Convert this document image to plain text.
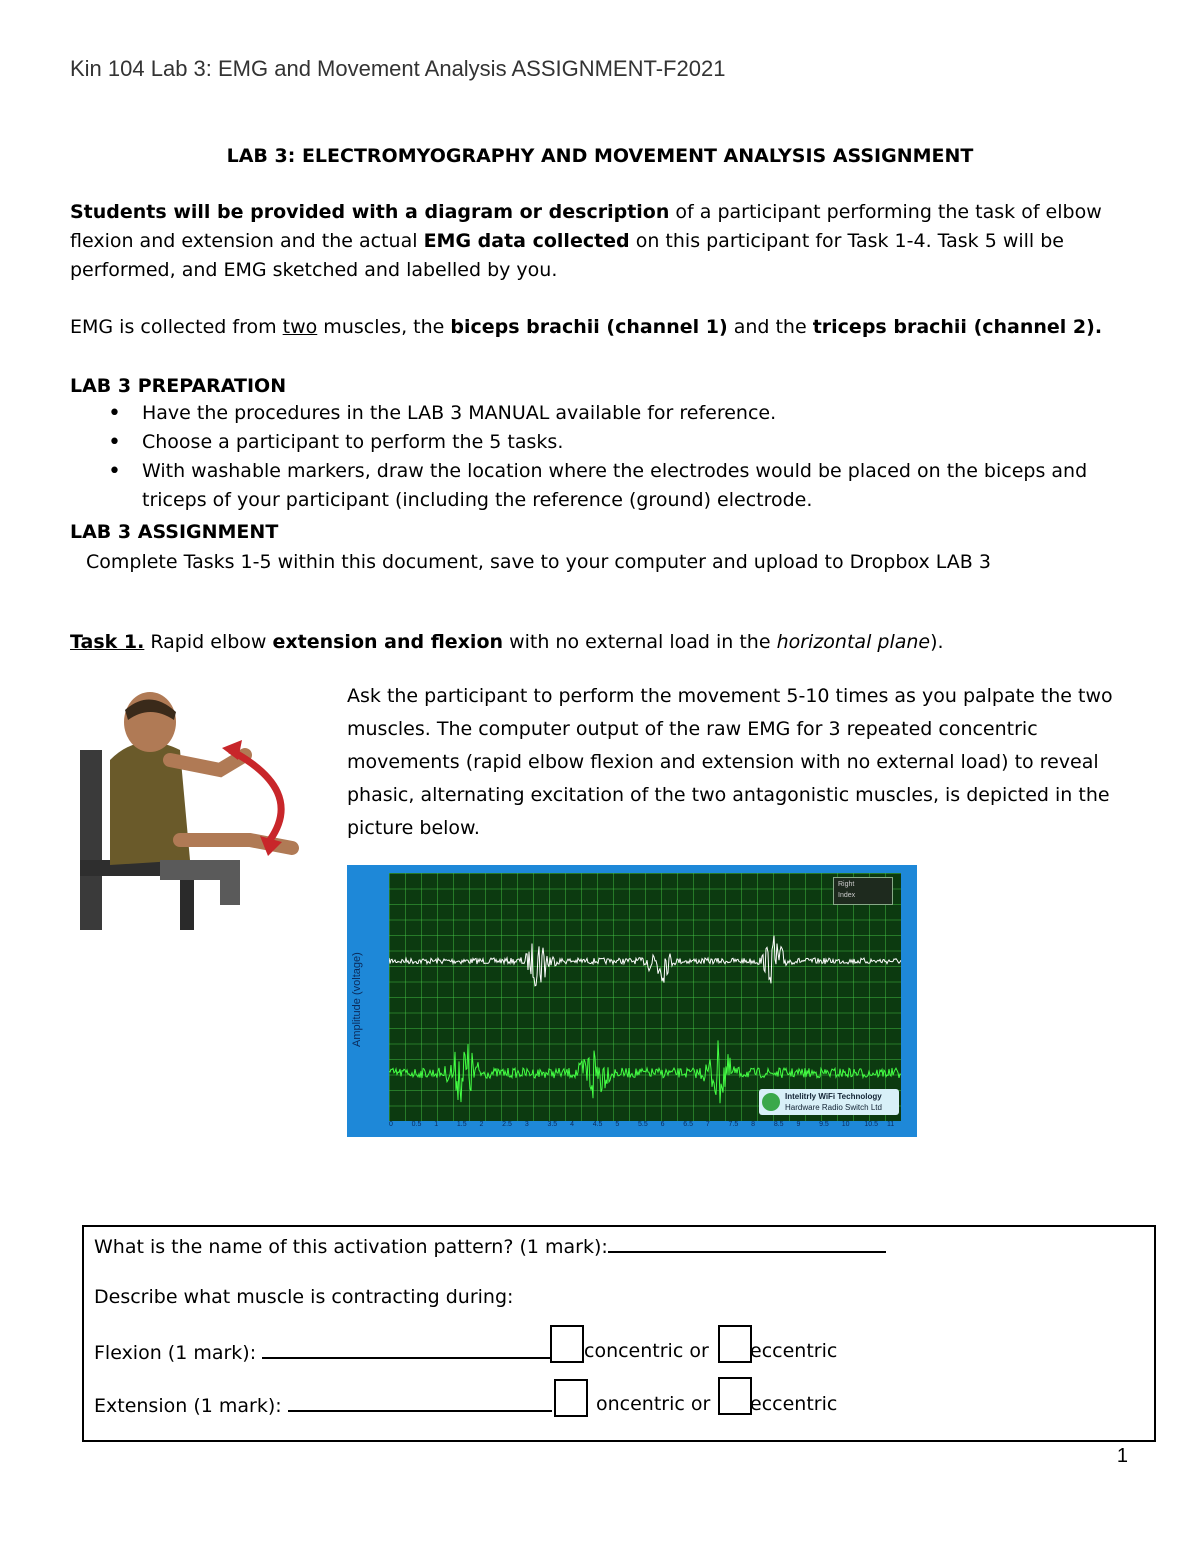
Kin 104 Lab 3: EMG and Movement Analysis ASSIGNMENT-F2021
LAB 3: ELECTROMYOGRAPHY AND MOVEMENT ANALYSIS ASSIGNMENT
Students will be provided with a diagram or description of a participant performing the task of elbow flexion and extension and the actual EMG data collected on this participant for Task 1-4. Task 5 will be performed, and EMG sketched and labelled by you.
EMG is collected from two muscles, the biceps brachii (channel 1) and the triceps brachii (channel 2).
LAB 3 PREPARATION
• Have the procedures in the LAB 3 MANUAL available for reference.
• Choose a participant to perform the 5 tasks.
• With washable markers, draw the location where the electrodes would be placed on the biceps and triceps of your participant (including the reference (ground) electrode.
LAB 3 ASSIGNMENT
Complete Tasks 1-5 within this document, save to your computer and upload to Dropbox LAB 3
Task 1. Rapid elbow extension and flexion with no external load in the horizontal plane).
Ask the participant to perform the movement 5-10 times as you palpate the two muscles. The computer output of the raw EMG for 3 repeated concentric movements (rapid elbow flexion and extension with no external load) to reveal phasic, alternating excitation of the two antagonistic muscles, is depicted in the picture below.
Amplitude (voltage)
Right
Index
Intelitrly WiFi Technology
Hardware Radio Switch Ltd
0	0.5 1	1.5 2	2.5 3	3.5 4	4.5 5	5.5 6	6.5 7	7.5 8	8.5 9	9.5 10 10.5 11
What is the name of this activation pattern? (1 mark):
Describe what muscle is contracting during:
Flexion (1 mark):	concentric or eccentric
Extension (1 mark):	oncentric or eccentric
1
